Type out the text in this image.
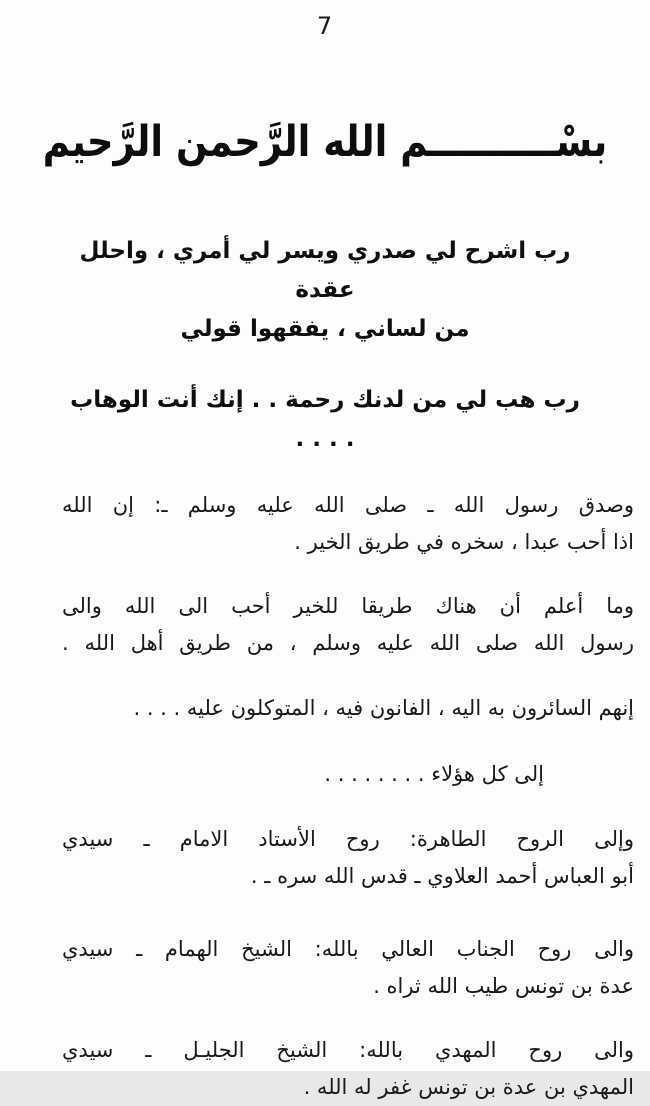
7
بسْــــــــــم الله الرَّحمن الرَّحيم
رب اشرح لي صدري ويسر لي أمري ، واحلل عقدة
من لساني ، يفقهوا قولي
رب هب لي من لدنك رحمة . . إنك أنت الوهاب . . . .
وصدق رسول الله ـ صلى الله عليه وسلم ـ: إن الله
اذا أحب عبدا ، سخره في طريق الخير .
وما أعلم أن هناك طريقا للخير أحب الى الله والى
رسول الله صلى الله عليه وسلم ، من طريق أهل الله .
إنهم السائرون به اليه ، الفانون فيه ، المتوكلون عليه . . . .
إلى كل هؤلاء . . . . . . . .
وإلى الروح الطاهرة: روح الأستاد الامام ـ سيدي
أبو العباس أحمد العلاوي ـ قدس الله سره ـ .
والى روح الجناب العالي بالله: الشيخ الهمام ـ سيدي
عدة بن تونس طيب الله ثراه .
والى روح المهدي بالله: الشيخ الجليـل ـ سيدي
المهدي بن عدة بن تونس غفر له الله .
